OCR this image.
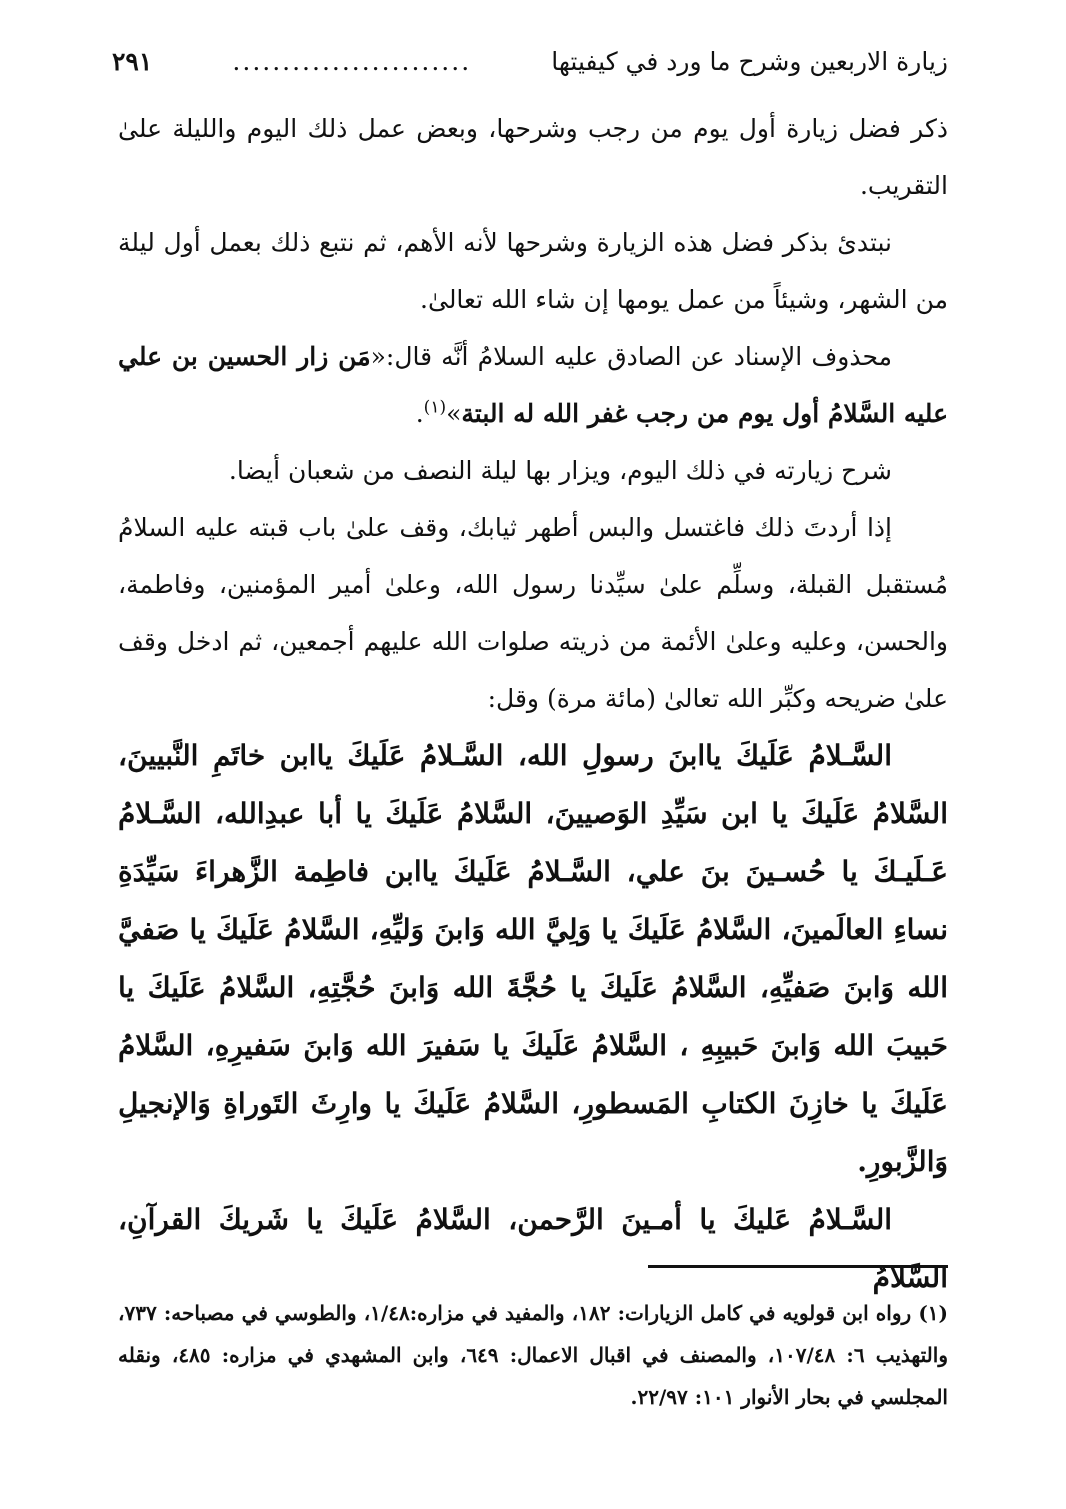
زيارة الاربعين وشرح ما ورد في كيفيتها
........................
٢٩١

ذكر فضل زيارة أول يوم من رجب وشرحها، وبعض عمل ذلك اليوم والليلة علىٰ التقريب.

نبتدئ بذكر فضل هذه الزيارة وشرحها لأنه الأهم، ثم نتبع ذلك بعمل أول ليلة من الشهر، وشيئاً من عمل يومها إن شاء الله تعالىٰ.

محذوف الإسناد عن الصادق عليه السلامُ أنَّه قال:«مَن زار الحسين بن علي عليه السَّلامُ أول يوم من رجب غفر الله له البتة»$^{(١)}$.

شرح زيارته في ذلك اليوم، ويزار بها ليلة النصف من شعبان أيضا.

إذا أردتَ ذلك فاغتسل والبس أطهر ثيابك، وقف علىٰ باب قبته عليه السلامُ مُستقبل القبلة، وسلِّم علىٰ سيِّدنا رسول الله، وعلىٰ أمير المؤمنين، وفاطمة، والحسن، وعليه وعلىٰ الأئمة من ذريته صلوات الله عليهم أجمعين، ثم ادخل وقف علىٰ ضريحه وكبِّر الله تعالىٰ (مائة مرة) وقل:

السَّـلامُ عَلَيكَ ياابنَ رسولِ الله، السَّـلامُ عَلَيكَ ياابن خاتَمِ النَّبيينَ، السَّلامُ عَلَيكَ يا ابن سَيِّدِ الوَصيينَ، السَّلامُ عَلَيكَ يا أبا عبدِالله، السَّـلامُ عَـلَيـكَ يا حُسـينَ بنَ علي، السَّـلامُ عَلَيكَ ياابن فاطِمة الزَّهراءَ سَيِّدَةِ نساءِ العالَمينَ، السَّلامُ عَلَيكَ يا وَلِيَّ الله وَابنَ وَليِّهِ، السَّلامُ عَلَيكَ يا صَفيَّ الله وَابنَ صَفيِّهِ، السَّلامُ عَلَيكَ يا حُجَّةَ الله وَابنَ حُجَّتِهِ، السَّلامُ عَلَيكَ يا حَبيبَ الله وَابنَ حَبيبِهِ ، السَّلامُ عَلَيكَ يا سَفيرَ الله وَابنَ سَفيرِهِ، السَّلامُ عَلَيكَ يا خازِنَ الكتابِ المَسطورِ، السَّلامُ عَلَيكَ يا وارِثَ التَوراةِ وَالإنجيلِ وَالزَّبورِ.

السَّـلامُ عَليكَ يا أمـينَ الرَّحمن، السَّلامُ عَلَيكَ يا شَريكَ القرآنِ، السَّلامُ

(١) رواه ابن قولويه في كامل الزيارات: ١٨٢، والمفيد في مزاره:١/٤٨، والطوسي في مصباحه: ٧٣٧، والتهذيب ٦: ١٠٧/٤٨، والمصنف في اقبال الاعمال: ٦٤٩، وابن المشهدي في مزاره: ٤٨٥، ونقله المجلسي في بحار الأنوار ١٠١: ٢٢/٩٧.
